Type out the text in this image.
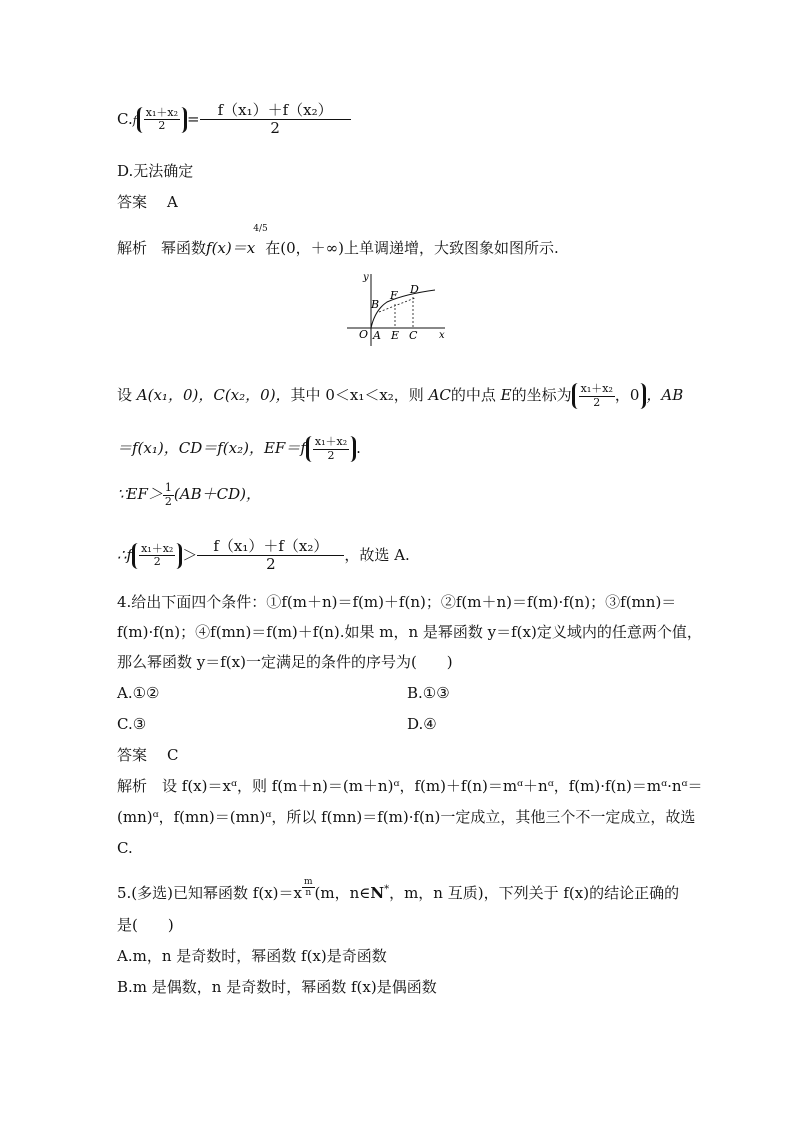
$C.f \frac{\text{x₁＋x₂}}{2} = \frac{\text{f（x₁）＋f（x₂）}}{2}$
D.无法确定
答案 A
解析 幂函数f(x)＝x
4/5
在(0，＋∞)上单调递增，大致图象如图所示.
y
x
O A E C
B
F D
设 A(x₁，0)，C(x₂，0)，其中 0＜x₁＜x₂，则 AC的中点 E的坐标为 $\frac{\text{x₁＋x₂}}{2}$ ，0 ，AB
＝f(x₁)，CD＝f(x₂)，$EF=f \frac{\text{x₁＋x₂}}{2}$ .
∵EF＞ $\frac{1}{2} (AB+CD)$，
∴f $\frac{\text{x₁＋x₂}}{2} > \frac{\text{f（x₁）＋f（x₂）}}{2}$ ，故选 A.
4.给出下面四个条件：①f(m＋n)＝f(m)＋f(n)；②f(m＋n)＝f(m)·f(n)；③f(mn)＝
f(m)·f(n)；④f(mn)＝f(m)＋f(n).如果 m，n 是幂函数 y＝f(x)定义域内的任意两个值，
那么幂函数 y＝f(x)一定满足的条件的序号为(　　)
A.①②	B.①③
C.③	D.④
答案 C
解析　设 f(x)＝xᵅ，则 f(m＋n)＝(m＋n)ᵅ，f(m)＋f(n)＝mᵅ＋nᵅ，f(m)·f(n)＝mᵅ·nᵅ＝
(mn)ᵅ，f(mn)＝(mn)ᵅ，所以 f(mn)＝f(m)·f(n)一定成立，其他三个不一定成立，故选
C.
5.(多选)已知幂函数 $f(x)=x \frac{m}{n} (m$，n∈N*，m，n 互质)，下列关于 f(x)的结论正确的
是(　　)
A.m，n 是奇数时，幂函数 f(x)是奇函数
B.m 是偶数，n 是奇数时，幂函数 f(x)是偶函数
